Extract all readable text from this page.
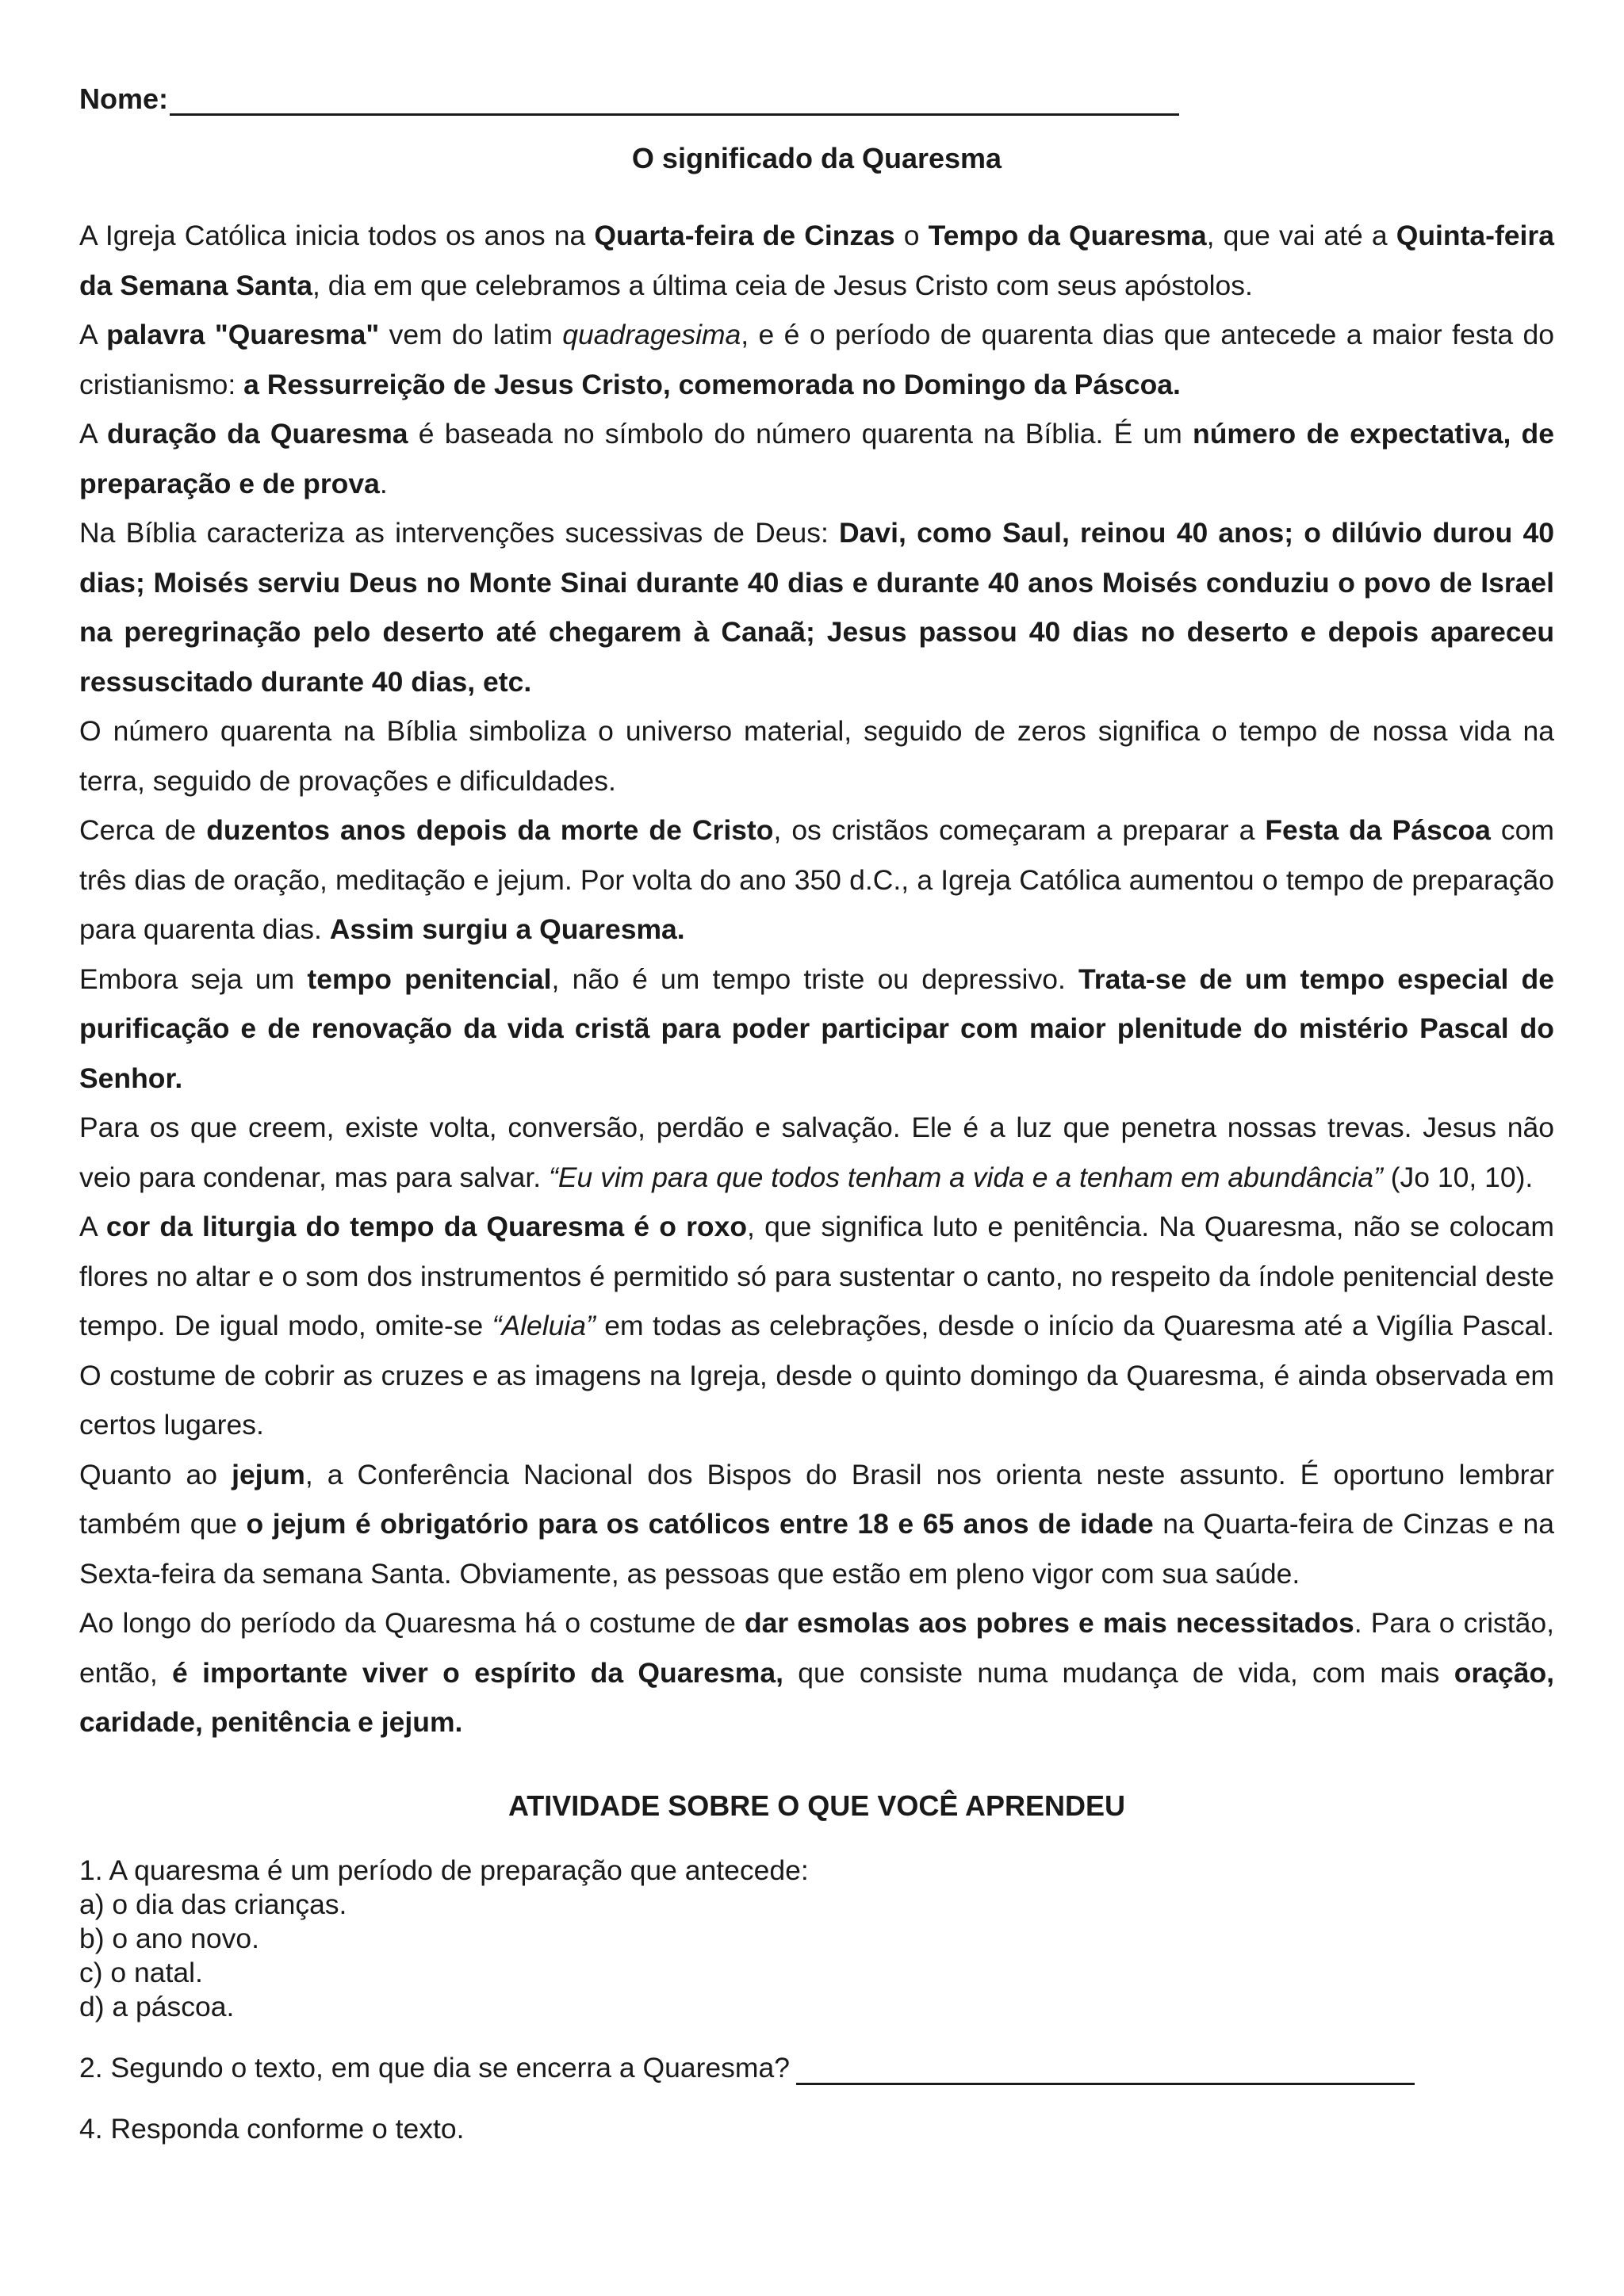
Nome:
O significado da Quaresma

A Igreja Católica inicia todos os anos na Quarta-feira de Cinzas o Tempo da Quaresma, que vai até a Quinta-feira da Semana Santa, dia em que celebramos a última ceia de Jesus Cristo com seus apóstolos.

A palavra "Quaresma" vem do latim quadragesima, e é o período de quarenta dias que antecede a maior festa do cristianismo: a Ressurreição de Jesus Cristo, comemorada no Domingo da Páscoa.

A duração da Quaresma é baseada no símbolo do número quarenta na Bíblia. É um número de expectativa, de preparação e de prova.

Na Bíblia caracteriza as intervenções sucessivas de Deus: Davi, como Saul, reinou 40 anos; o dilúvio durou 40 dias; Moisés serviu Deus no Monte Sinai durante 40 dias e durante 40 anos Moisés conduziu o povo de Israel na peregrinação pelo deserto até chegarem à Canaã; Jesus passou 40 dias no deserto e depois apareceu ressuscitado durante 40 dias, etc.

O número quarenta na Bíblia simboliza o universo material, seguido de zeros significa o tempo de nossa vida na terra, seguido de provações e dificuldades.

Cerca de duzentos anos depois da morte de Cristo, os cristãos começaram a preparar a Festa da Páscoa com três dias de oração, meditação e jejum. Por volta do ano 350 d.C., a Igreja Católica aumentou o tempo de preparação para quarenta dias. Assim surgiu a Quaresma.

Embora seja um tempo penitencial, não é um tempo triste ou depressivo. Trata-se de um tempo especial de purificação e de renovação da vida cristã para poder participar com maior plenitude do mistério Pascal do Senhor.

Para os que creem, existe volta, conversão, perdão e salvação. Ele é a luz que penetra nossas trevas. Jesus não veio para condenar, mas para salvar. “Eu vim para que todos tenham a vida e a tenham em abundância” (Jo 10, 10).

A cor da liturgia do tempo da Quaresma é o roxo, que significa luto e penitência. Na Quaresma, não se colocam flores no altar e o som dos instrumentos é permitido só para sustentar o canto, no respeito da índole penitencial deste tempo. De igual modo, omite-se “Aleluia” em todas as celebrações, desde o início da Quaresma até a Vigília Pascal. O costume de cobrir as cruzes e as imagens na Igreja, desde o quinto domingo da Quaresma, é ainda observada em certos lugares.

Quanto ao jejum, a Conferência Nacional dos Bispos do Brasil nos orienta neste assunto. É oportuno lembrar também que o jejum é obrigatório para os católicos entre 18 e 65 anos de idade na Quarta-feira de Cinzas e na Sexta-feira da semana Santa. Obviamente, as pessoas que estão em pleno vigor com sua saúde.

Ao longo do período da Quaresma há o costume de dar esmolas aos pobres e mais necessitados. Para o cristão, então, é importante viver o espírito da Quaresma, que consiste numa mudança de vida, com mais oração, caridade, penitência e jejum.

ATIVIDADE SOBRE O QUE VOCÊ APRENDEU

1. A quaresma é um período de preparação que antecede:

a) o dia das crianças.

b) o ano novo.

c) o natal.

d) a páscoa.

2. Segundo o texto, em que dia se encerra a Quaresma?
4. Responda conforme o texto.
